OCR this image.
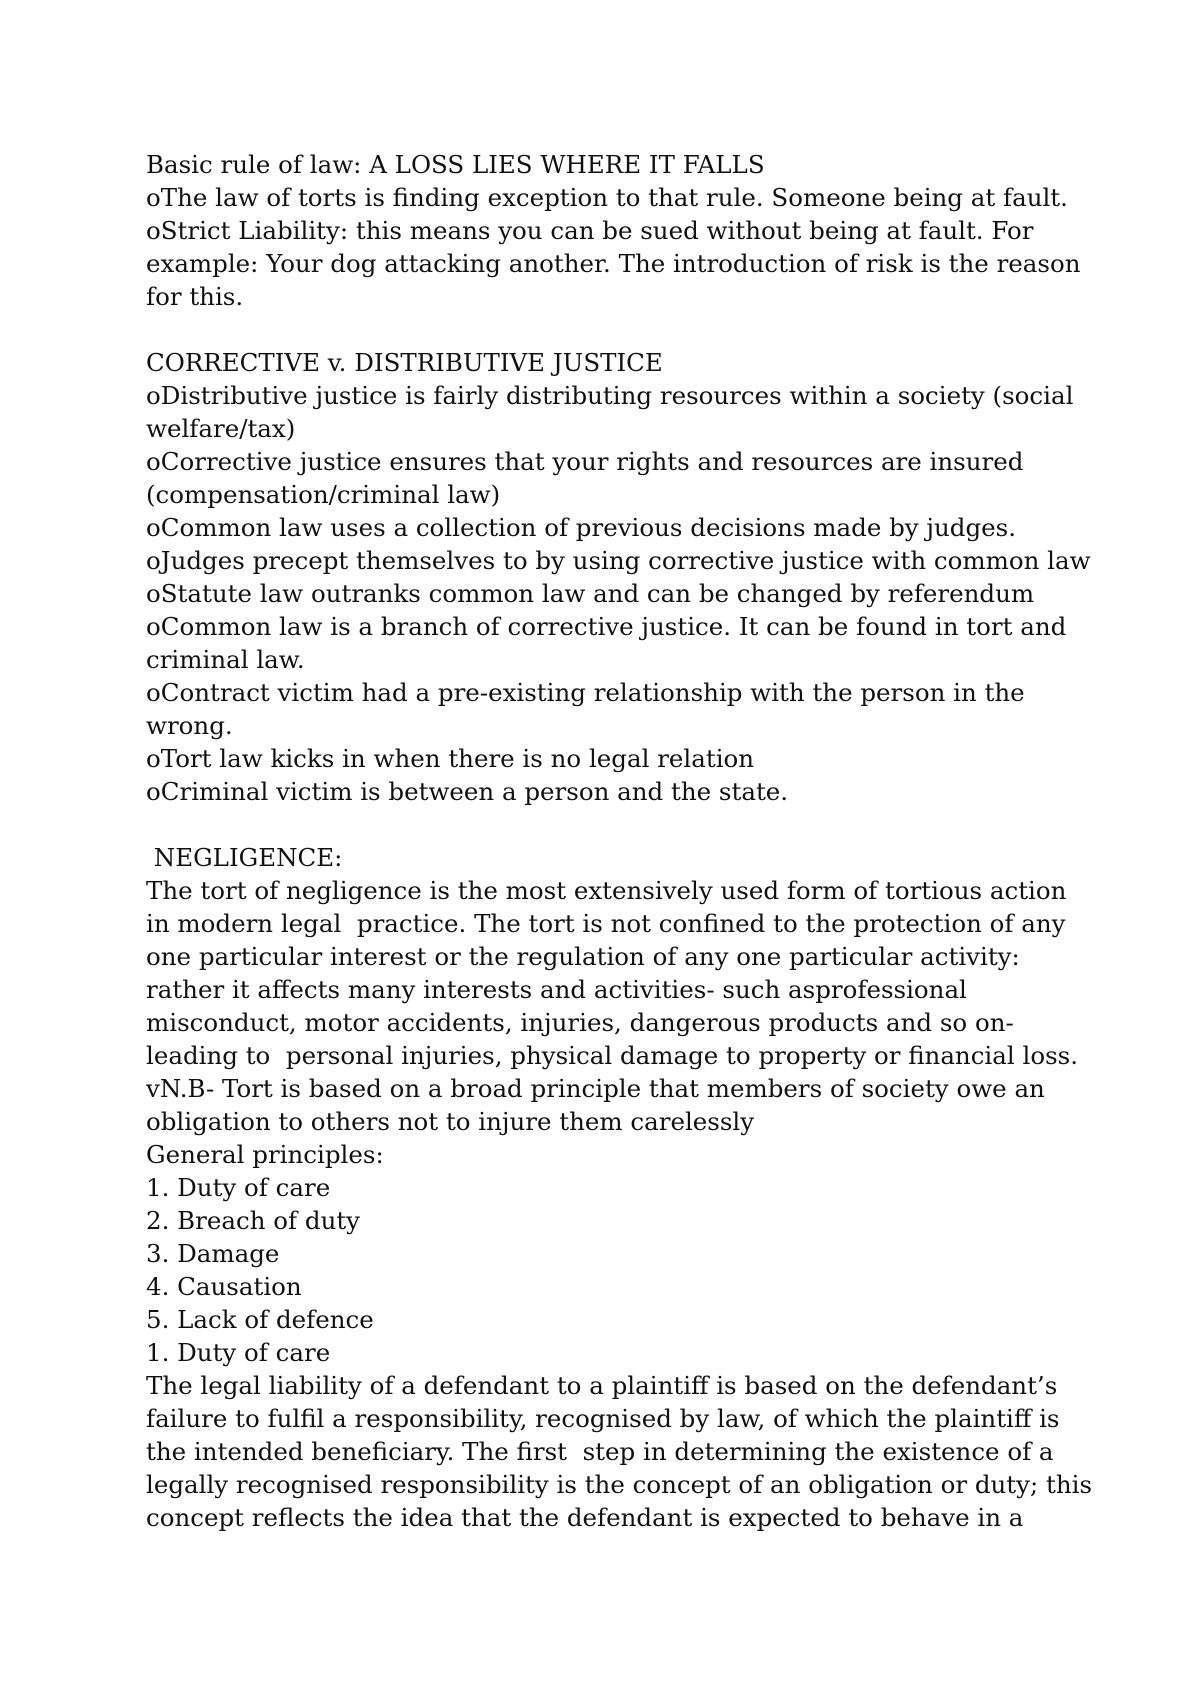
Basic rule of law: A LOSS LIES WHERE IT FALLS
oThe law of torts is finding exception to that rule. Someone being at fault.
oStrict Liability: this means you can be sued without being at fault. For
example: Your dog attacking another. The introduction of risk is the reason
for this.
CORRECTIVE v. DISTRIBUTIVE JUSTICE
oDistributive justice is fairly distributing resources within a society (social
welfare/tax)
oCorrective justice ensures that your rights and resources are insured
(compensation/criminal law)
oCommon law uses a collection of previous decisions made by judges.
oJudges precept themselves to by using corrective justice with common law
oStatute law outranks common law and can be changed by referendum
oCommon law is a branch of corrective justice. It can be found in tort and
criminal law.
oContract victim had a pre-existing relationship with the person in the
wrong.
oTort law kicks in when there is no legal relation
oCriminal victim is between a person and the state.
NEGLIGENCE:
The tort of negligence is the most extensively used form of tortious action
in modern legal  practice. The tort is not confined to the protection of any
one particular interest or the regulation of any one particular activity:
rather it affects many interests and activities- such asprofessional
misconduct, motor accidents, injuries, dangerous products and so on-
leading to  personal injuries, physical damage to property or financial loss.
vN.B- Tort is based on a broad principle that members of society owe an
obligation to others not to injure them carelessly
General principles:
1. Duty of care
2. Breach of duty
3. Damage
4. Causation
5. Lack of defence
1. Duty of care
The legal liability of a defendant to a plaintiff is based on the defendant’s
failure to fulfil a responsibility, recognised by law, of which the plaintiff is
the intended beneficiary. The first  step in determining the existence of a
legally recognised responsibility is the concept of an obligation or duty; this
concept reflects the idea that the defendant is expected to behave in a
